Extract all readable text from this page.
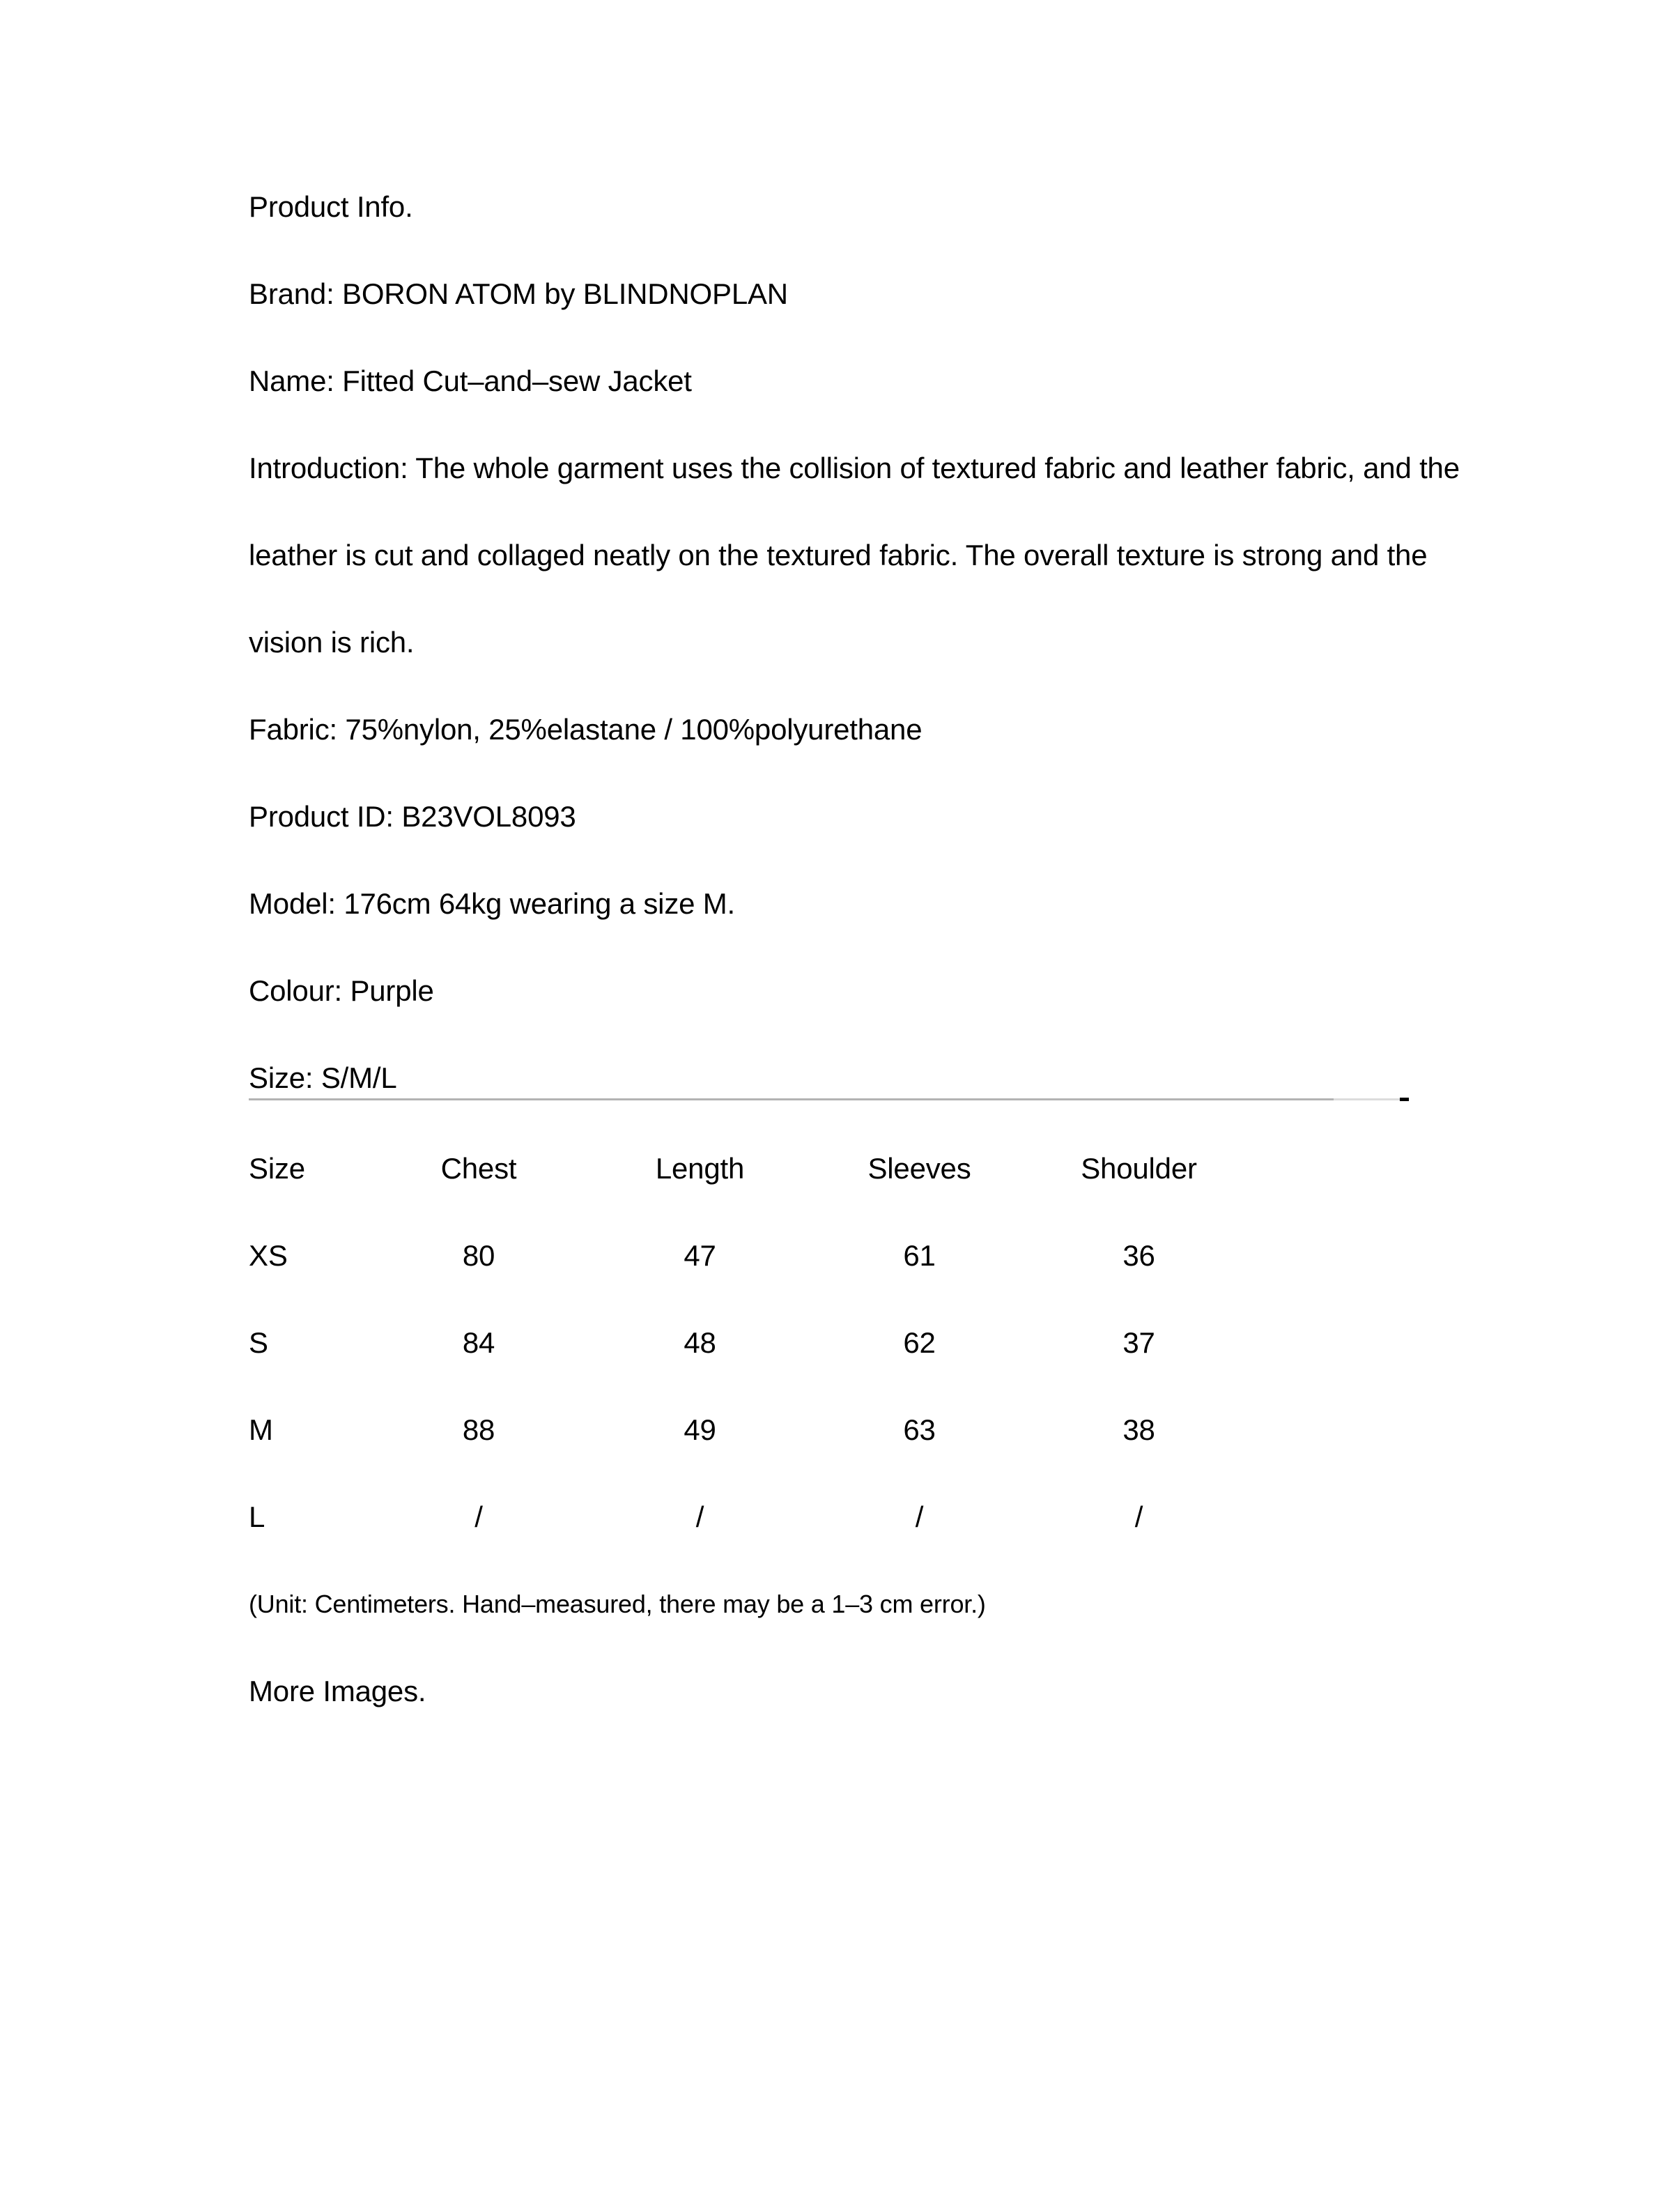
Product Info.

Brand: BORON ATOM by BLINDNOPLAN

Name: Fitted Cut–and–sew Jacket

Introduction: The whole garment uses the collision of textured fabric and leather fabric, and the leather is cut and collaged neatly on the textured fabric. The overall texture is strong and the vision is rich.

Fabric: 75%nylon, 25%elastane / 100%polyurethane

Product ID: B23VOL8093

Model: 176cm 64kg wearing a size M.

Colour: Purple

Size: S/M/L

Size	Chest	Length	Sleeves	Shoulder
XS	80	47	61	36
S	84	48	62	37
M	88	49	63	38
L	/	/	/	/

(Unit: Centimeters. Hand–measured, there may be a 1–3 cm error.)

More Images.
